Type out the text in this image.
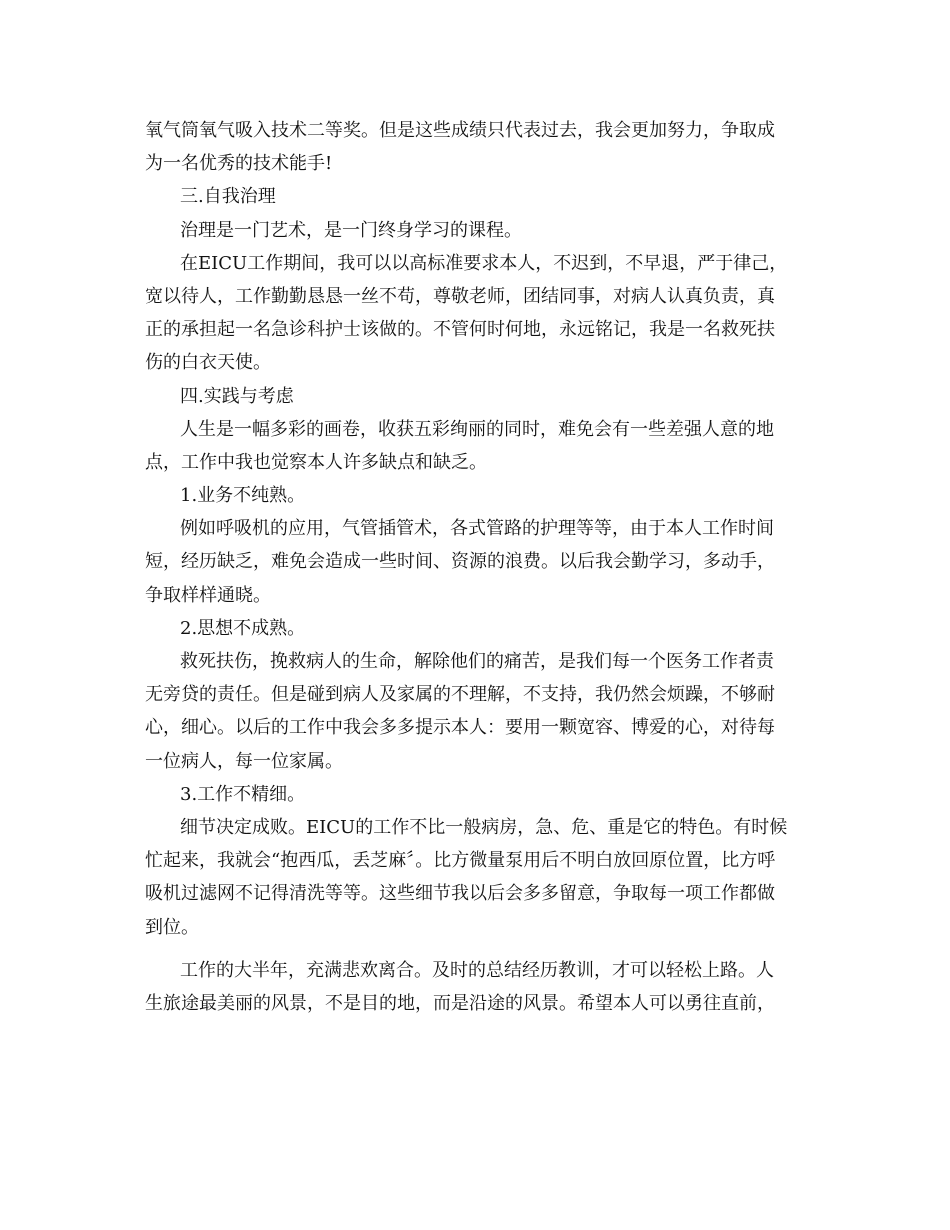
氧气筒氧气吸入技术二等奖。但是这些成绩只代表过去，我会更加努力，争取成
为一名优秀的技术能手!
三.自我治理
治理是一门艺术，是一门终身学习的课程。
在EICU工作期间，我可以以高标准要求本人，不迟到，不早退，严于律己，
宽以待人，工作勤勤恳恳一丝不苟，尊敬老师，团结同事，对病人认真负责，真
正的承担起一名急诊科护士该做的。不管何时何地，永远铭记，我是一名救死扶
伤的白衣天使。
四.实践与考虑
人生是一幅多彩的画卷，收获五彩绚丽的同时，难免会有一些差强人意的地
点，工作中我也觉察本人许多缺点和缺乏。
1.业务不纯熟。
例如呼吸机的应用，气管插管术，各式管路的护理等等，由于本人工作时间
短，经历缺乏，难免会造成一些时间、资源的浪费。以后我会勤学习，多动手，
争取样样通晓。
2.思想不成熟。
救死扶伤，挽救病人的生命，解除他们的痛苦，是我们每一个医务工作者责
无旁贷的责任。但是碰到病人及家属的不理解，不支持，我仍然会烦躁，不够耐
心，细心。以后的工作中我会多多提示本人：要用一颗宽容、博爱的心，对待每
一位病人，每一位家属。
3.工作不精细。
细节决定成败。EICU的工作不比一般病房，急、危、重是它的特色。有时候
忙起来，我就会“抱西瓜，丢芝麻〞。比方微量泵用后不明白放回原位置，比方呼
吸机过滤网不记得清洗等等。这些细节我以后会多多留意，争取每一项工作都做
到位。
工作的大半年，充满悲欢离合。及时的总结经历教训，才可以轻松上路。人
生旅途最美丽的风景，不是目的地，而是沿途的风景。希望本人可以勇往直前，
